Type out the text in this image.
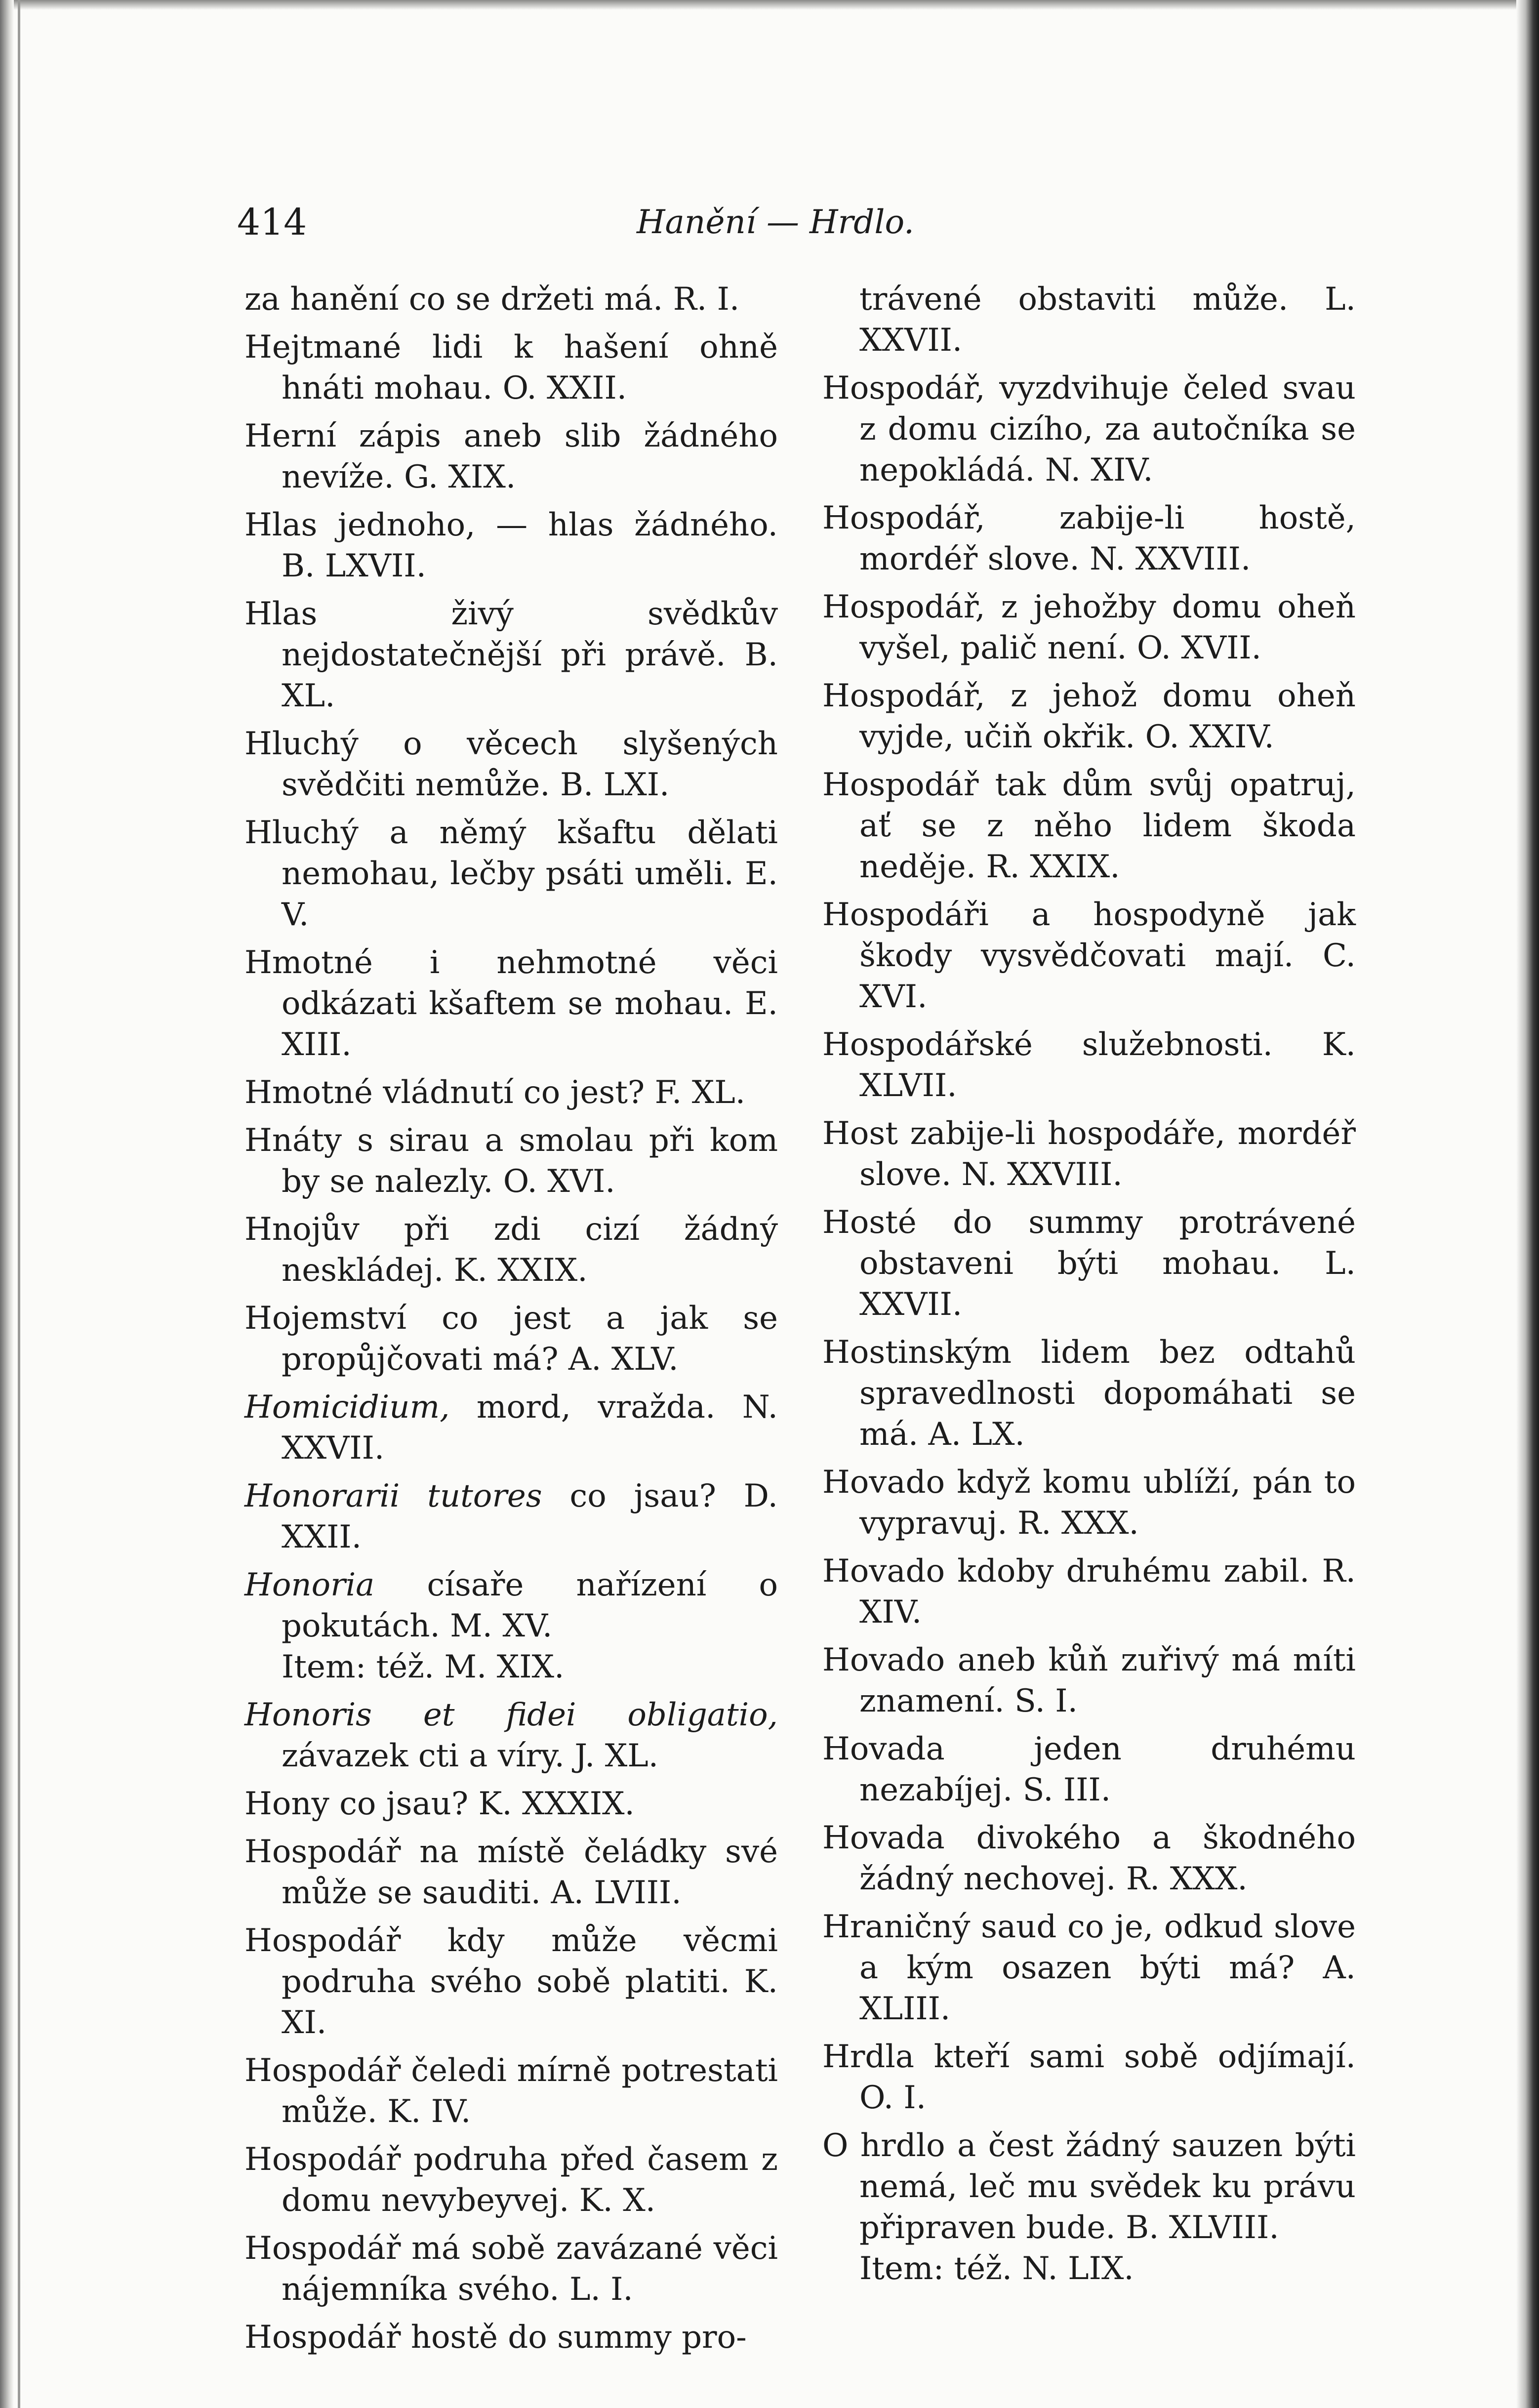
414	Hanění — Hrdlo.
za hanění co se držeti má. R. I.
Hejtmané lidi k hašení ohně hnáti mohau. O. XXII.
Herní zápis aneb slib žádného nevíže. G. XIX.
Hlas jednoho, — hlas žádného. B. LXVII.
Hlas živý svědkův nejdostatečnější při právě. B. XL.
Hluchý o věcech slyšených svědčiti nemůže. B. LXI.
Hluchý a němý kšaftu dělati nemohau, lečby psáti uměli. E. V.
Hmotné i nehmotné věci odkázati kšaftem se mohau. E. XIII.
Hmotné vládnutí co jest? F. XL.
Hnáty s sirau a smolau při kom by se nalezly. O. XVI.
Hnojův při zdi cizí žádný neskládej. K. XXIX.
Hojemství co jest a jak se propůjčovati má? A. XLV.
Homicidium, mord, vražda. N. XXVII.
Honorarii tutores co jsau? D. XXII.
Honoria císaře nařízení o pokutách. M. XV.
Item: též. M. XIX.
Honoris et fidei obligatio, závazek cti a víry. J. XL.
Hony co jsau? K. XXXIX.
Hospodář na místě čeládky své může se sauditi. A. LVIII.
Hospodář kdy může věcmi podruha svého sobě platiti. K. XI.
Hospodář čeledi mírně potrestati může. K. IV.
Hospodář podruha před časem z domu nevybeyvej. K. X.
Hospodář má sobě zavázané věci nájemníka svého. L. I.
Hospodář hostě do summy pro-
trávené obstaviti může. L. XXVII.
Hospodář, vyzdvihuje čeled svau z domu cizího, za autočníka se nepokládá. N. XIV.
Hospodář, zabije-li hostě, mordéř slove. N. XXVIII.
Hospodář, z jehožby domu oheň vyšel, palič není. O. XVII.
Hospodář, z jehož domu oheň vyjde, učiň okřik. O. XXIV.
Hospodář tak dům svůj opatruj, ať se z něho lidem škoda neděje. R. XXIX.
Hospodáři a hospodyně jak škody vysvědčovati mají. C. XVI.
Hospodářské služebnosti. K. XLVII.
Host zabije-li hospodáře, mordéř slove. N. XXVIII.
Hosté do summy protrávené obstaveni býti mohau. L. XXVII.
Hostinským lidem bez odtahů spravedlnosti dopomáhati se má. A. LX.
Hovado když komu ublíží, pán to vypravuj. R. XXX.
Hovado kdoby druhému zabil. R. XIV.
Hovado aneb kůň zuřivý má míti znamení. S. I.
Hovada jeden druhému nezabíjej. S. III.
Hovada divokého a škodného žádný nechovej. R. XXX.
Hraničný saud co je, odkud slove a kým osazen býti má? A. XLIII.
Hrdla kteří sami sobě odjímají. O. I.
O hrdlo a čest žádný sauzen býti nemá, leč mu svědek ku právu připraven bude. B. XLVIII.
Item: též. N. LIX.
